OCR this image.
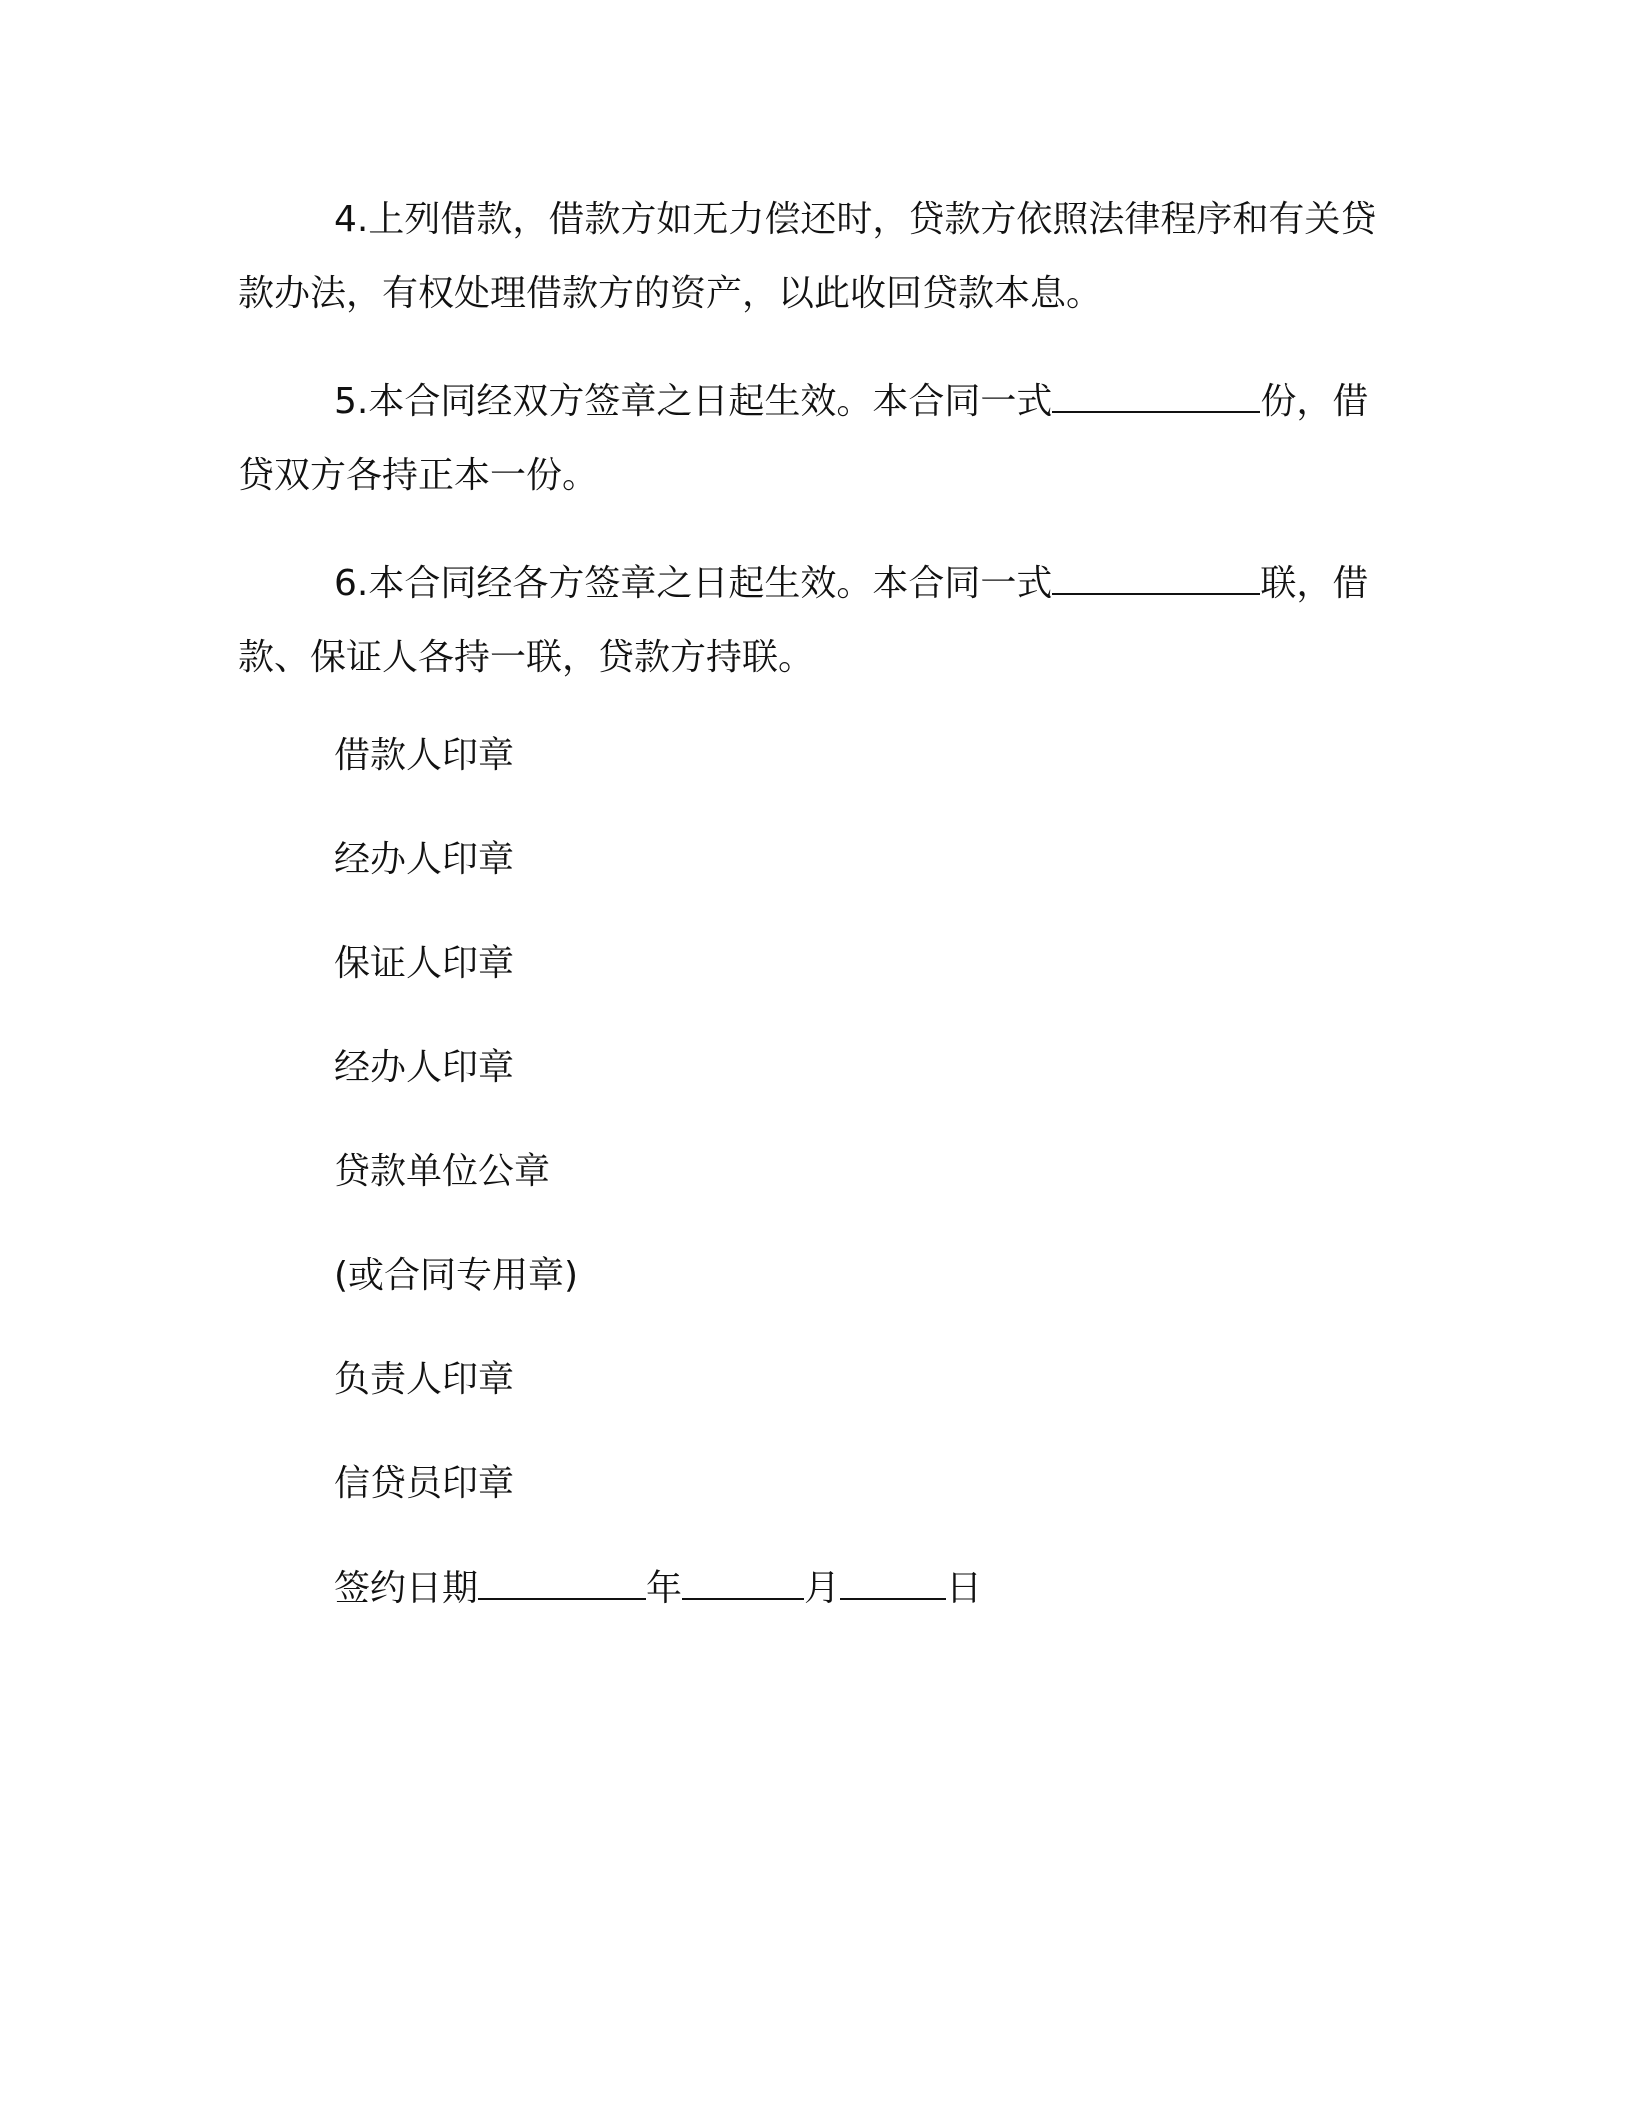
4.上列借款，借款方如无力偿还时，贷款方依照法律程序和有关贷款办法，有权处理借款方的资产，以此收回贷款本息。
5.本合同经双方签章之日起生效。本合同一式	份，借贷双方各持正本一份。
6.本合同经各方签章之日起生效。本合同一式	联，借款、保证人各持一联，贷款方持联。
借款人印章
经办人印章
保证人印章
经办人印章
贷款单位公章
(或合同专用章)
负责人印章
信贷员印章
签约日期	年	月	日
